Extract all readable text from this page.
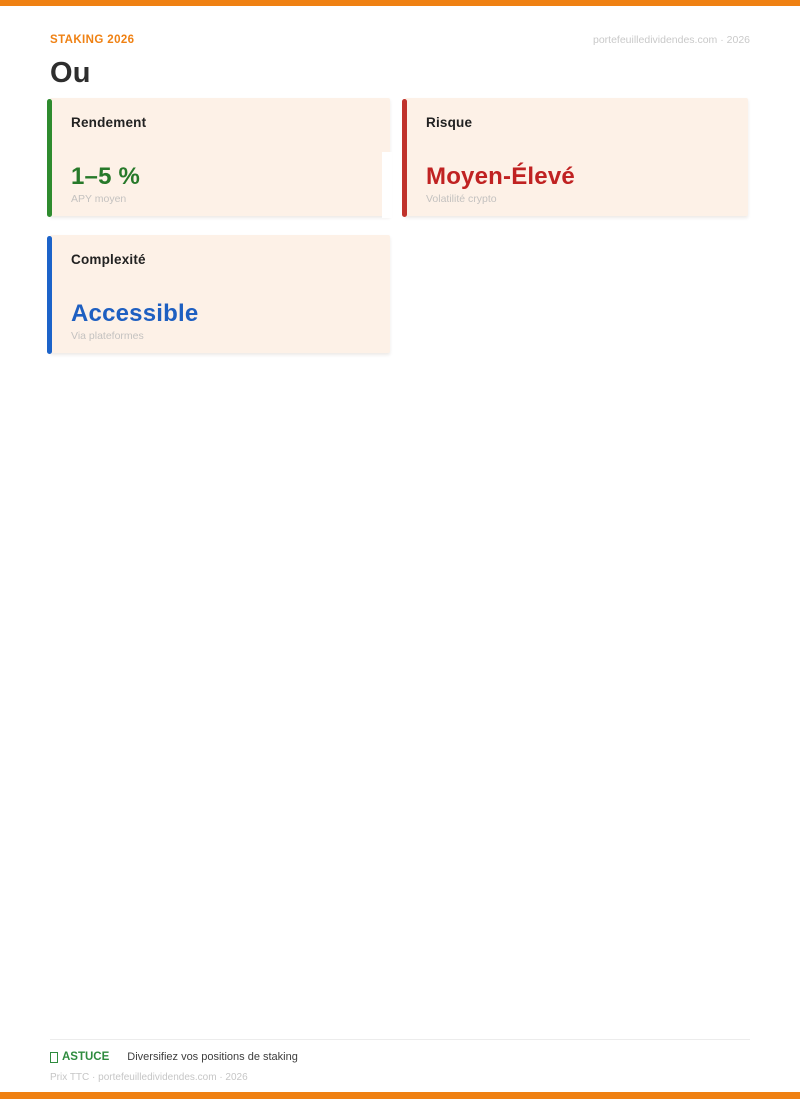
STAKING 2026	portefeuilledividendes.com · 2026
Ou
Rendement
1–5 %
APY moyen
Risque
Moyen-Élevé
Volatilité crypto
Complexité
Accessible
Via plateformes
ASTUCE Diversifiez vos positions de staking
Prix TTC · portefeuilledividendes.com · 2026
